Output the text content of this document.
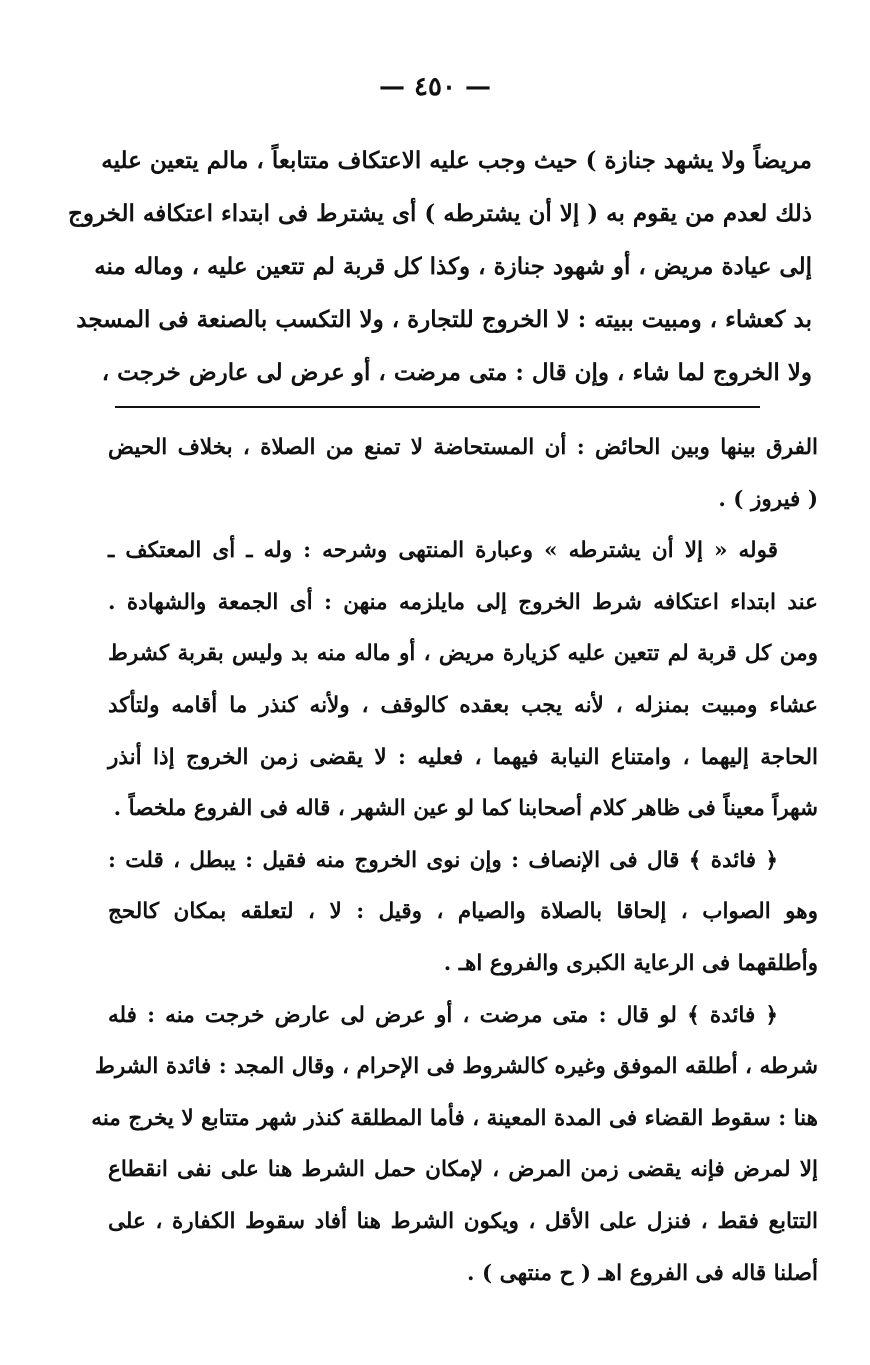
— ٤٥٠ —
مريضاً ولا يشهد جنازة ) حيث وجب عليه الاعتكاف متتابعاً ، مالم يتعين عليه
ذلك لعدم من يقوم به ( إلا أن يشترطه ) أى يشترط فى ابتداء اعتكافه الخروج
إلى عيادة مريض ، أو شهود جنازة ، وكذا كل قربة لم تتعين عليه ، وماله منه
بد كعشاء ، ومبيت ببيته : لا الخروج للتجارة ، ولا التكسب بالصنعة فى المسجد
ولا الخروج لما شاء ، وإن قال : متى مرضت ، أو عرض لى عارض خرجت ،
الفرق بينها وبين الحائض : أن المستحاضة لا تمنع من الصلاة ، بخلاف الحيض
( فيروز ) .
قوله « إلا أن يشترطه » وعبارة المنتهى وشرحه : وله ـ أى المعتكف ـ
عند ابتداء اعتكافه شرط الخروج إلى مايلزمه منهن : أى الجمعة والشهادة .
ومن كل قربة لم تتعين عليه كزيارة مريض ، أو ماله منه بد وليس بقربة كشرط
عشاء ومبيت بمنزله ، لأنه يجب بعقده كالوقف ، ولأنه كنذر ما أقامه ولتأكد
الحاجة إليهما ، وامتناع النيابة فيهما ، فعليه : لا يقضى زمن الخروج إذا أنذر
شهراً معيناً فى ظاهر كلام أصحابنا كما لو عين الشهر ، قاله فى الفروع ملخصاً .
﴿ فائدة ﴾ قال فى الإنصاف : وإن نوى الخروج منه فقيل : يبطل ، قلت :
وهو الصواب ، إلحاقا بالصلاة والصيام ، وقيل : لا ، لتعلقه بمكان كالحج
وأطلقهما فى الرعاية الكبرى والفروع اهـ .
﴿ فائدة ﴾ لو قال : متى مرضت ، أو عرض لى عارض خرجت منه : فله
شرطه ، أطلقه الموفق وغيره كالشروط فى الإحرام ، وقال المجد : فائدة الشرط
هنا : سقوط القضاء فى المدة المعينة ، فأما المطلقة كنذر شهر متتابع لا يخرج منه
إلا لمرض فإنه يقضى زمن المرض ، لإمكان حمل الشرط هنا على نفى انقطاع
التتابع فقط ، فنزل على الأقل ، ويكون الشرط هنا أفاد سقوط الكفارة ، على
أصلنا قاله فى الفروع اهـ ( ح منتهى ) .
